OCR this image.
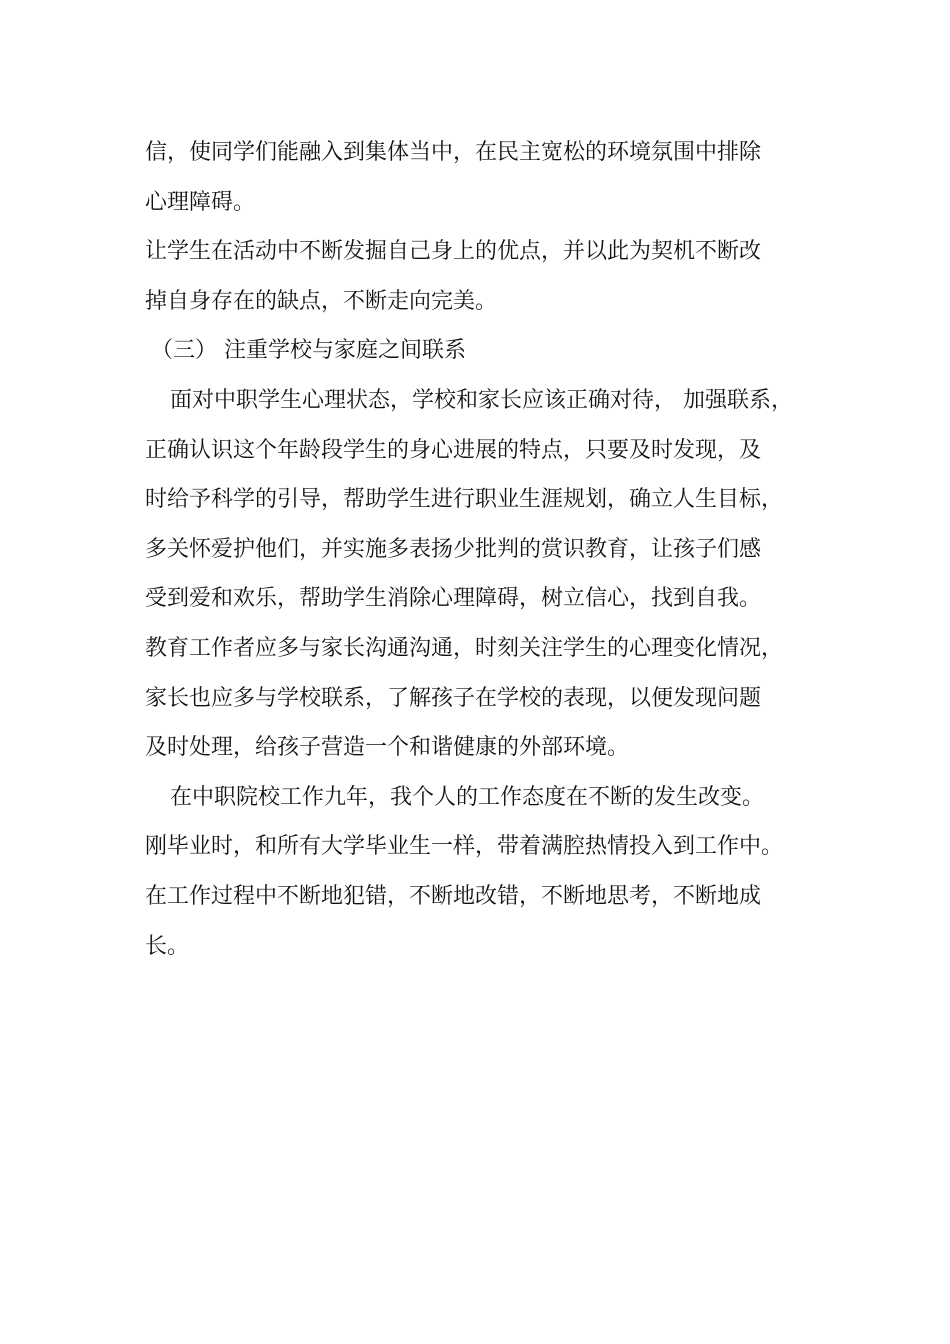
信，使同学们能融入到集体当中，在民主宽松的环境氛围中排除
心理障碍。
让学生在活动中不断发掘自己身上的优点，并以此为契机不断改
掉自身存在的缺点，不断走向完美。
（三） 注重学校与家庭之间联系
面对中职学生心理状态，学校和家长应该正确对待， 加强联系，
正确认识这个年龄段学生的身心进展的特点，只要及时发现，及
时给予科学的引导，帮助学生进行职业生涯规划，确立人生目标，
多关怀爱护他们，并实施多表扬少批判的赏识教育，让孩子们感
受到爱和欢乐，帮助学生消除心理障碍，树立信心，找到自我。
教育工作者应多与家长沟通沟通，时刻关注学生的心理变化情况，
家长也应多与学校联系，了解孩子在学校的表现，以便发现问题
及时处理，给孩子营造一个和谐健康的外部环境。
在中职院校工作九年，我个人的工作态度在不断的发生改变。
刚毕业时，和所有大学毕业生一样，带着满腔热情投入到工作中。
在工作过程中不断地犯错，不断地改错，不断地思考，不断地成
长。
